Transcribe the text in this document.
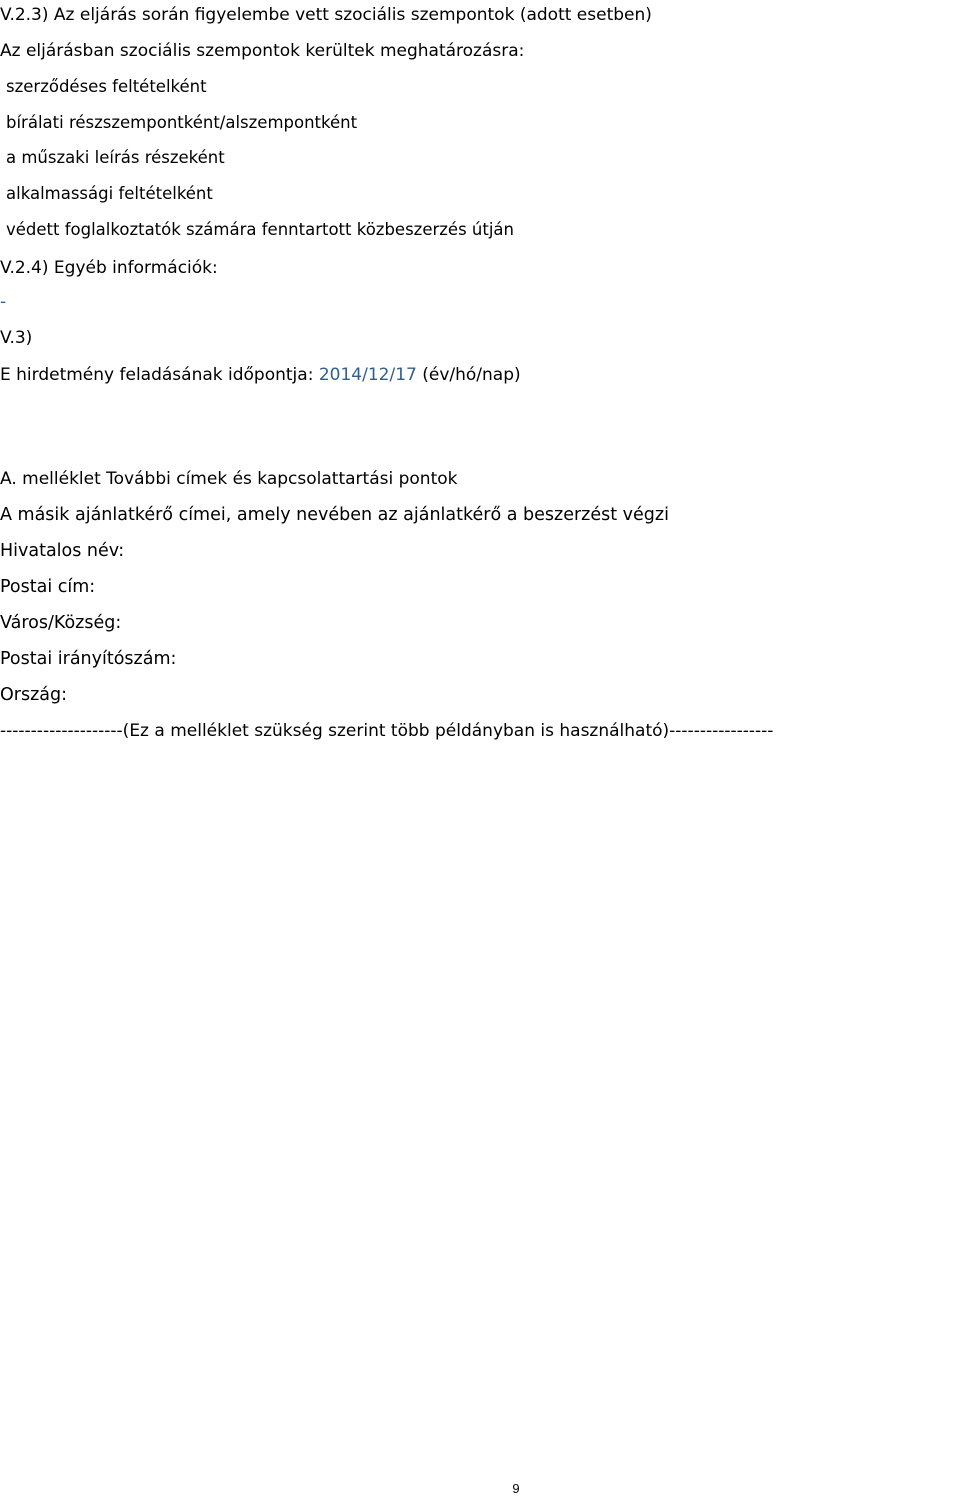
V.2.3) Az eljárás során figyelembe vett szociális szempontok (adott esetben)
Az eljárásban szociális szempontok kerültek meghatározásra:
szerződéses feltételként
bírálati részszempontként/alszempontként
a műszaki leírás részeként
alkalmassági feltételként
védett foglalkoztatók számára fenntartott közbeszerzés útján
V.2.4) Egyéb információk:
-
V.3)
E hirdetmény feladásának időpontja: 2014/12/17 (év/hó/nap)
A. melléklet További címek és kapcsolattartási pontok
A másik ajánlatkérő címei, amely nevében az ajánlatkérő a beszerzést végzi
Hivatalos név:
Postai cím:
Város/Község:
Postai irányítószám:
Ország:
--------------------(Ez a melléklet szükség szerint több példányban is használható)-----------------
9
